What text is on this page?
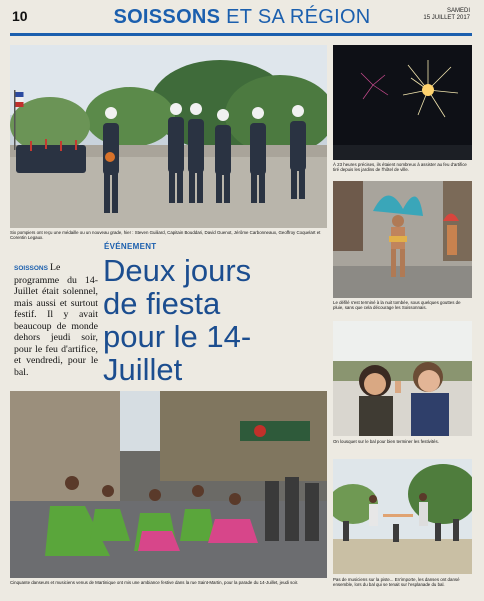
10	SOISSONS ET SA RÉGION	SAMEDI
15 JUILLET 2017
Six pompiers ont reçu une médaille ou un nouveau grade, hier : Steven Guiliard, Capitain Bouddari, David Guenot, Jérôme Carbonneaux, Geoffroy Coquelart et Corentin Legaux.
À 23 heures précises, ils étaient nombreux à assister au feu d'artifice tiré depuis les jardins de l'hôtel de ville.
Le défilé s'est terminé à la nuit tombée, sous quelques gouttes de pluie, sans que cela décourage les Soissonnais.
ÉVÉNEMENT
SOISSONS Le programme du 14-Juillet était solennel, mais aussi et surtout festif. Il y avait beaucoup de monde dehors jeudi soir, pour le feu d'artifice, et vendredi, pour le bal.
Deux jours
de fiesta
pour le 14-Juillet
On lousquet sur le bal pour bien terminer les festivités.
Cinquante danseurs et musiciens venus de Martinique ont mis une ambiance festive dans la rue Saint-Martin, pour la parade du 14-Juillet, jeudi soir.
Pas de musiciens sur la piste... En'importe, les danses ont dansé ensemble, lors du bal qui se tenait sur l'esplanade du bal.
